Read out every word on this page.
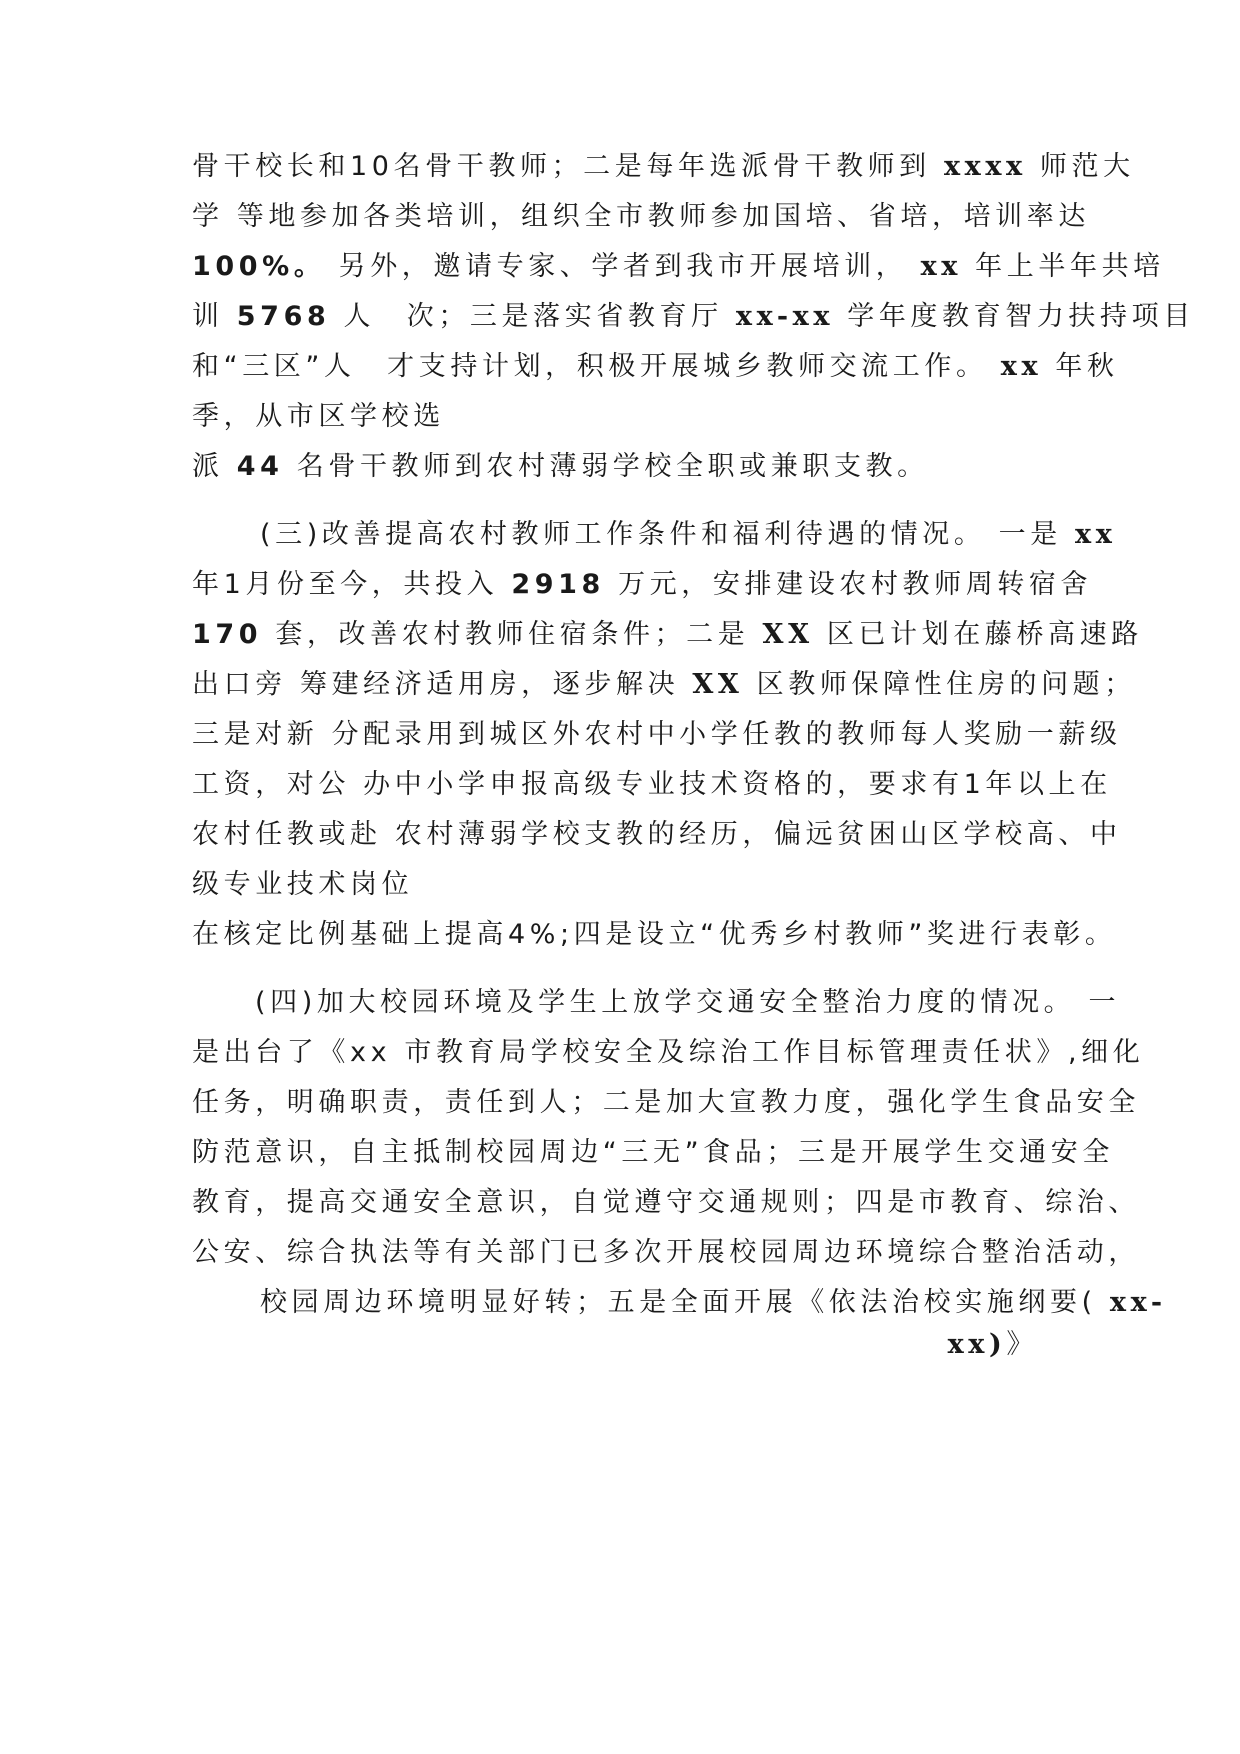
骨干校长和10名骨干教师；二是每年选派骨干教师到 xxxx 师范大
学 等地参加各类培训，组织全市教师参加国培、省培，培训率达
100%。 另外，邀请专家、学者到我市开展培训， xx 年上半年共培
训 5768 人　次；三是落实省教育厅 xx-xx 学年度教育智力扶持项目
和“三区”人　才支持计划，积极开展城乡教师交流工作。 xx 年秋
季，从市区学校选
派 44 名骨干教师到农村薄弱学校全职或兼职支教。
(三)改善提高农村教师工作条件和福利待遇的情况。 一是 xx
年1月份至今，共投入 2918 万元，安排建设农村教师周转宿舍
170 套，改善农村教师住宿条件；二是 XX 区已计划在藤桥高速路
出口旁 筹建经济适用房，逐步解决 XX 区教师保障性住房的问题；
三是对新 分配录用到城区外农村中小学任教的教师每人奖励一薪级
工资，对公 办中小学申报高级专业技术资格的，要求有1年以上在
农村任教或赴 农村薄弱学校支教的经历，偏远贫困山区学校高、中
级专业技术岗位
在核定比例基础上提高4%;四是设立“优秀乡村教师”奖进行表彰。
(四)加大校园环境及学生上放学交通安全整治力度的情况。 一
是出台了《xx 市教育局学校安全及综治工作目标管理责任状》,细化
任务，明确职责，责任到人；二是加大宣教力度，强化学生食品安全
防范意识，自主抵制校园周边“三无”食品；三是开展学生交通安全
教育，提高交通安全意识，自觉遵守交通规则；四是市教育、综治、
公安、综合执法等有关部门已多次开展校园周边环境综合整治活动，
校园周边环境明显好转；五是全面开展《依法治校实施纲要( xx-
xx)》
